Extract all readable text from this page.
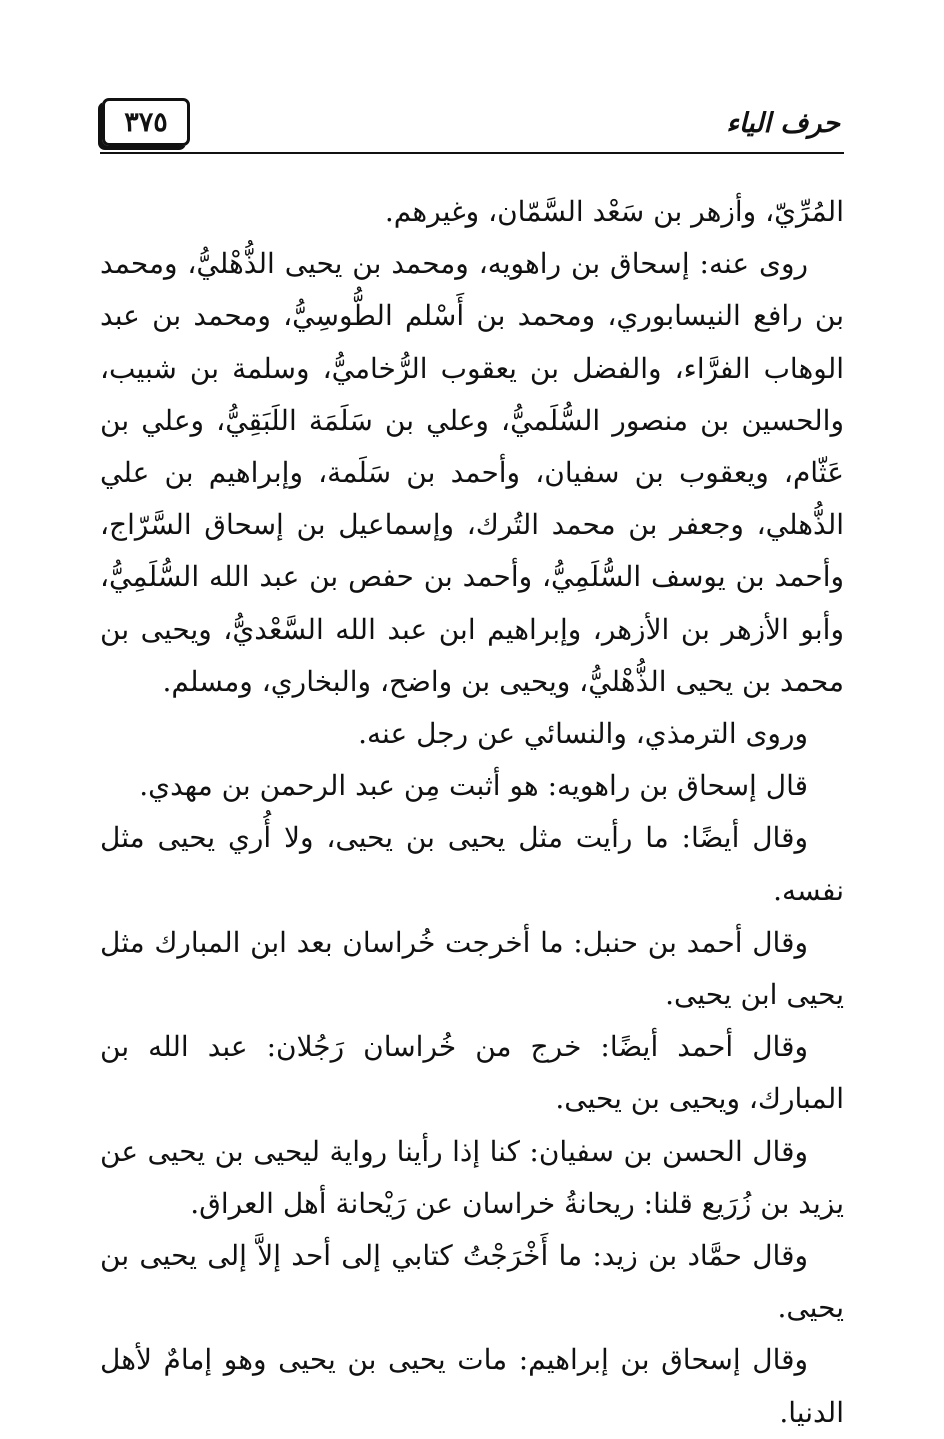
٣٧٥	حرف الياء

المُرِّيّ، وأزهر بن سَعْد السَّمّان، وغيرهم.

روى عنه: إسحاق بن راهويه، ومحمد بن يحيى الذُّهْليُّ، ومحمد بن رافع النيسابوري، ومحمد بن أَسْلم الطُّوسِيُّ، ومحمد بن عبد الوهاب الفرَّاء، والفضل بن يعقوب الرُّخاميُّ، وسلمة بن شبيب، والحسين بن منصور السُّلَميُّ، وعلي بن سَلَمَة اللَبَقِيُّ، وعلي بن عَثّام، ويعقوب بن سفيان، وأحمد بن سَلَمة، وإبراهيم بن علي الذُّهلي، وجعفر بن محمد التُرك، وإسماعيل بن إسحاق السَّرّاج، وأحمد بن يوسف السُّلَمِيُّ، وأحمد بن حفص بن عبد الله السُّلَمِيُّ، وأبو الأزهر بن الأزهر، وإبراهيم ابن عبد الله السَّعْديُّ، ويحيى بن محمد بن يحيى الذُّهْليُّ، ويحيى بن واضح، والبخاري، ومسلم.

وروى الترمذي، والنسائي عن رجل عنه.

قال إسحاق بن راهويه: هو أثبت مِن عبد الرحمن بن مهدي.

وقال أيضًا: ما رأيت مثل يحيى بن يحيى، ولا أُري يحيى مثل نفسه.

وقال أحمد بن حنبل: ما أخرجت خُراسان بعد ابن المبارك مثل يحيى ابن يحيى.

وقال أحمد أيضًا: خرج من خُراسان رَجُلان: عبد الله بن المبارك، ويحيى بن يحيى.

وقال الحسن بن سفيان: كنا إذا رأينا رواية ليحيى بن يحيى عن يزيد بن زُرَيع قلنا: ريحانةُ خراسان عن رَيْحانة أهل العراق.

وقال حمَّاد بن زيد: ما أَخْرَجْتُ كتابي إلى أحد إلاَّ إلى يحيى بن يحيى.

وقال إسحاق بن إبراهيم: مات يحيى بن يحيى وهو إمامٌ لأهل الدنيا.
